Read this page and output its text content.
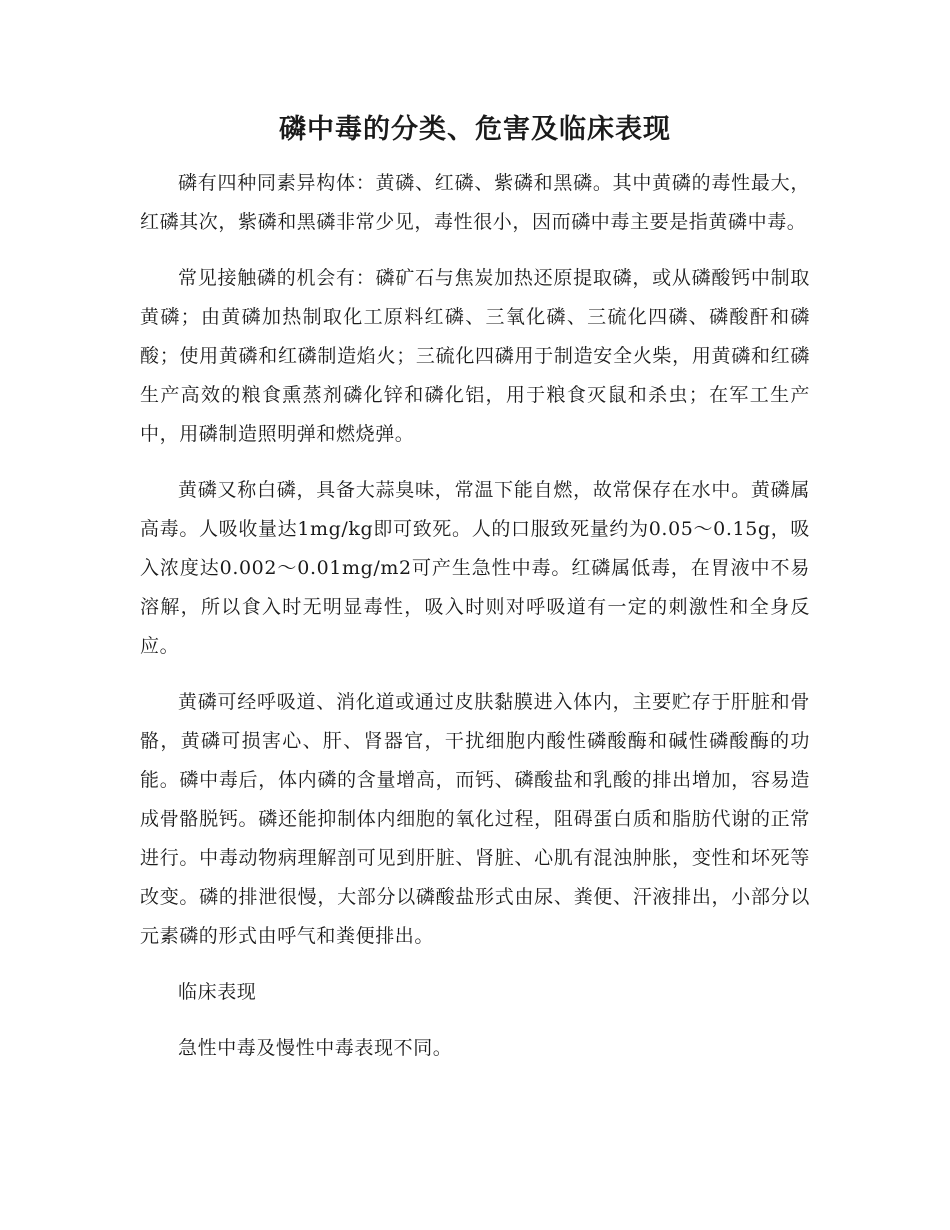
磷中毒的分类、危害及临床表现

磷有四种同素异构体：黄磷、红磷、紫磷和黑磷。其中黄磷的毒性最大，红磷其次，紫磷和黑磷非常少见，毒性很小，因而磷中毒主要是指黄磷中毒。

常见接触磷的机会有：磷矿石与焦炭加热还原提取磷，或从磷酸钙中制取黄磷；由黄磷加热制取化工原料红磷、三氧化磷、三硫化四磷、磷酸酐和磷酸；使用黄磷和红磷制造焰火；三硫化四磷用于制造安全火柴，用黄磷和红磷生产高效的粮食熏蒸剂磷化锌和磷化铝，用于粮食灭鼠和杀虫；在军工生产中，用磷制造照明弹和燃烧弹。

黄磷又称白磷，具备大蒜臭味，常温下能自燃，故常保存在水中。黄磷属高毒。人吸收量达1mg/kg即可致死。人的口服致死量约为0.05～0.15g，吸入浓度达0.002～0.01mg/m2可产生急性中毒。红磷属低毒，在胃液中不易溶解，所以食入时无明显毒性，吸入时则对呼吸道有一定的刺激性和全身反应。

黄磷可经呼吸道、消化道或通过皮肤黏膜进入体内，主要贮存于肝脏和骨骼，黄磷可损害心、肝、肾器官，干扰细胞内酸性磷酸酶和碱性磷酸酶的功能。磷中毒后，体内磷的含量增高，而钙、磷酸盐和乳酸的排出增加，容易造成骨骼脱钙。磷还能抑制体内细胞的氧化过程，阻碍蛋白质和脂肪代谢的正常进行。中毒动物病理解剖可见到肝脏、肾脏、心肌有混浊肿胀，变性和坏死等改变。磷的排泄很慢，大部分以磷酸盐形式由尿、粪便、汗液排出，小部分以元素磷的形式由呼气和粪便排出。

临床表现

急性中毒及慢性中毒表现不同。
